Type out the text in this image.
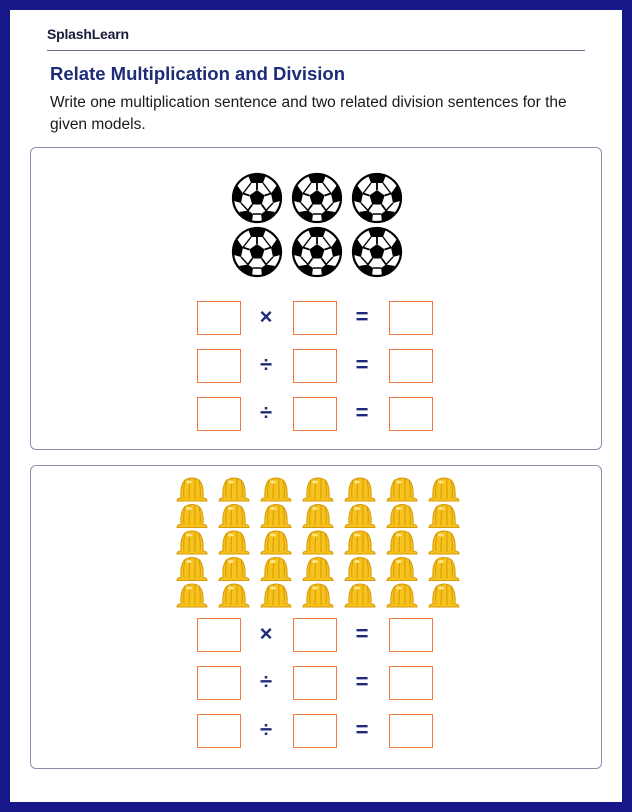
SplashLearn
Relate Multiplication and Division
Write one multiplication sentence and two related division sentences for the given models.
×	=
÷	=
÷	=
×	=
÷	=
÷	=
